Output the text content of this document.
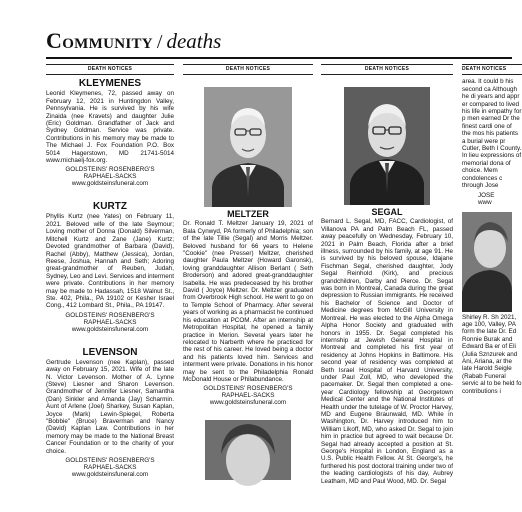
Community / deaths
DEATH NOTICES
KLEYMENES

Leonid Kleymenes, 72, passed away on February 12, 2021 in Huntingdon Valley, Pennsylvania. He is survived by his wife Zinaida (nee Kravets) and daughter Julie (Eric) Goldman. Grandfather of Jack and Sydney Goldman. Service was private. Contributions in his memory may be made to The Michael J. Fox Foundation P.O. Box 5014 Hagerstown, MD 21741-5014 www.michaelj-fox.org.

GOLDSTEINS' ROSENBERG'S
RAPHAEL-SACKS
www.goldsteinsfuneral.com

KURTZ

Phyllis Kurtz (nee Yates) on February 11, 2021. Beloved wife of the late Seymour; Loving mother of Donna (Donald) Silverman, Mitchell Kurtz and Zane (Jane) Kurtz; Devoted grandmother of Barbara (David), Rachel (Abby), Matthew (Jessica), Jordan, Reese, Joshua, Hannah and Seth; Adoring great-grandmother of Reuben, Judah, Sydney, Leo and Levi. Services and interment were private. Contributions in her memory may be made to Hadassah, 1518 Walnut St., Ste. 402, Phila., PA 19102 or Kesher Israel Cong., 412 Lombard St., Phila., PA 19147.

GOLDSTEINS' ROSENBERG'S
RAPHAEL-SACKS
www.goldsteinsfuneral.com

LEVENSON

Gertrude Levenson (nee Kaplan), passed away on February 15, 2021. Wife of the late N. Victor Levenson. Mother of A. Lynne (Steve) Liesner and Sharon Levenson. Grandmother of Jennifer Liesner, Samantha (Dan) Sinkler and Amanda (Jay) Scharmin. Aunt of Arlene (Joel) Sharkey, Susan Kaplan, Joyce (Mark) Lewin-Spiegel, Roberta "Bobbie" (Bruce) Braverman and Nancy (David) Kaplan Law. Contributions in her memory may be made to the National Breast Cancer Foundation or to the charity of your choice.

GOLDSTEINS' ROSENBERG'S
RAPHAEL-SACKS
www.goldsteinsfuneral.com

DEATH NOTICES
MELTZER

Dr. Ronald T. Meltzer January 19, 2021 of Bala Cynwyd, PA formerly of Philadelphia; son of the late Tillie (Segal) and Morris Meltzer. Beloved husband for 66 years to Helene "Cookie" (nee Presser) Meltzer, cherished daughter Paula Meltzer (Howard Garonsk), loving granddaughter Allison Berlant ( Seth Broderson) and adored great-granddaughter Isabella. He was predeceased by his brother David ( Joyce) Meltzer. Dr. Meltzer graduated from Overbrook High school. He went to go on to Temple School of Pharmacy. After several years of working as a pharmacist he continued his education at PCOM. After an internship at Metropolitan Hospital, he opened a family practice in Merion. Several years later he relocated to Narberth where he practiced for the rest of his career. He loved being a doctor and his patients loved him. Services and interment were private. Donations in his honor may be sent to the Philadelphia Ronald McDonald House or Philabundance.

GOLDSTEINS' ROSENBERG'S
RAPHAEL-SACKS
www.goldsteinsfuneral.com

DEATH NOTICES
SEGAL

Bernard L. Segal, MD, FACC, Cardiologist, of Villanova PA and Palm Beach FL, passed away peacefully on Wednesday, February 10, 2021 in Palm Beach, Florida after a brief illness, surrounded by his family, at age 91. He is survived by his beloved spouse, Idajane Fischman Segal, cherished daughter, Jody Segal Reinhold (Kirk), and precious grandchildren, Darby and Pierce. Dr. Segal was born in Montreal, Canada during the great depression to Russian immigrants. He received his Bachelor of Science and Doctor of Medicine degrees from McGill University in Montreal. He was elected to the Alpha Omega Alpha Honor Society and graduated with honors in 1955. Dr. Segal completed his internship at Jewish General Hospital in Montreal and completed his first year of residency at Johns Hopkins in Baltimore. His second year of residency was completed at Beth Israel Hospital of Harvard University, under Paul Zoll, MD, who developed the pacemaker. Dr. Segal then completed a one-year Cardiology fellowship at Georgetown Medical Center and the National Institutes of Health under the tutelage of W. Proctor Harvey, MD and Eugene Braunwald, MD. While in Washington, Dr. Harvey introduced him to William Likoff, MD, who asked Dr. Segal to join him in practice but agreed to wait because Dr. Segal had already accepted a position at St. George's Hospital in London, England as a U.S. Public Health Fellow. At St. George's, he furthered his post doctoral training under two of the leading cardiologists of his day, Aubrey Leatham, MD and Paul Wood, MD. Dr. Segal

DEATH NOTICES

area. It could b his second ca Although he di years and appr er compared to lived his life in empathy for p men earned Dr the finest cardi one of the mos his patients a burial were pr Cutler, Beth I County. In lieu expressions of memorial dona of choice. Mem condolences c through Jose

JOSE
www

Shirley R. Sh 2021, age 100, Valley, PA form the late Dr. Ed Ronnie Burak and Edward Ba er of Eli (Julia Sznzurek and Ani, Ariana, ar the late Harold Seigle (Rabab Funeral servic al to be held fo contributions i
